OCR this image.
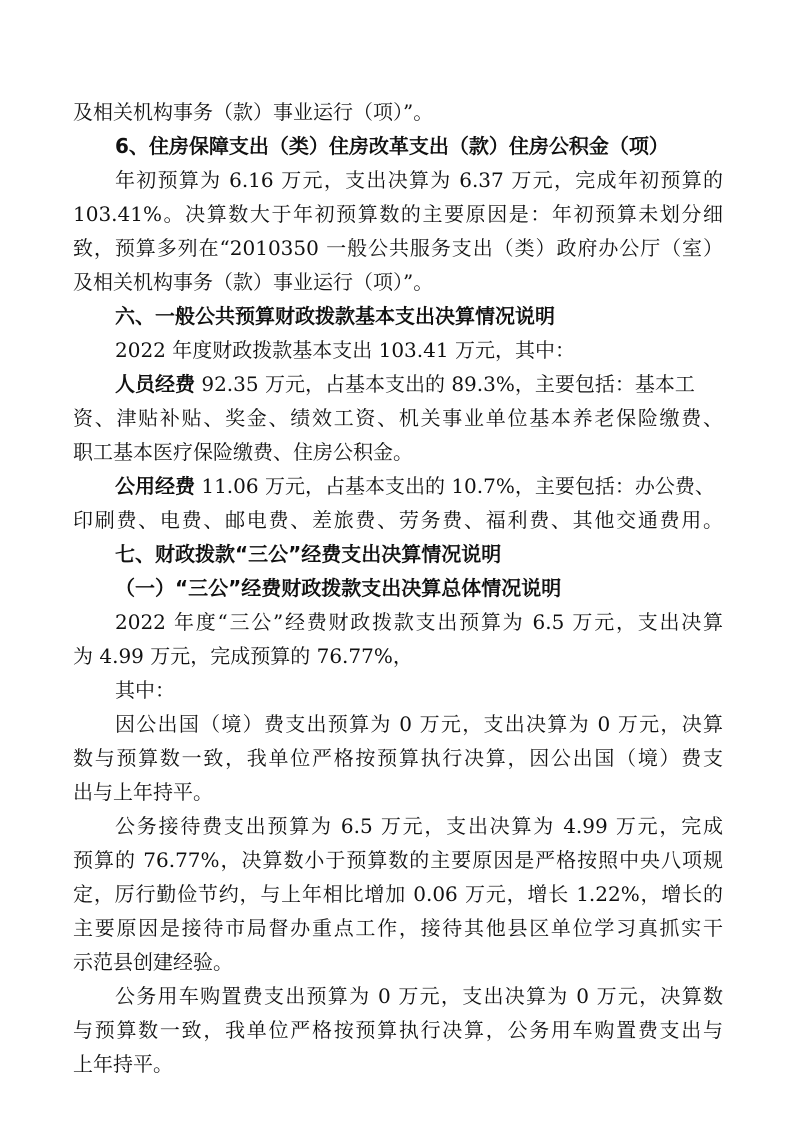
及相关机构事务（款）事业运行（项）”。
6、住房保障支出（类）住房改革支出（款）住房公积金（项）
年初预算为 6.16 万元，支出决算为 6.37 万元，完成年初预算的
103.41%。决算数大于年初预算数的主要原因是：年初预算未划分细
致，预算多列在“2010350 一般公共服务支出（类）政府办公厅（室）
及相关机构事务（款）事业运行（项）”。
六、一般公共预算财政拨款基本支出决算情况说明
2022 年度财政拨款基本支出 103.41 万元，其中：
人员经费 92.35 万元，占基本支出的 89.3%，主要包括：基本工
资、津贴补贴、奖金、绩效工资、机关事业单位基本养老保险缴费、
职工基本医疗保险缴费、住房公积金。
公用经费 11.06 万元，占基本支出的 10.7%，主要包括：办公费、
印刷费、电费、邮电费、差旅费、劳务费、福利费、其他交通费用。
七、财政拨款“三公”经费支出决算情况说明
（一）“三公”经费财政拨款支出决算总体情况说明
2022 年度“三公”经费财政拨款支出预算为 6.5 万元，支出决算
为 4.99 万元，完成预算的 76.77%，
其中：
因公出国（境）费支出预算为 0 万元，支出决算为 0 万元，决算
数与预算数一致，我单位严格按预算执行决算，因公出国（境）费支
出与上年持平。
公务接待费支出预算为 6.5 万元，支出决算为 4.99 万元，完成
预算的 76.77%，决算数小于预算数的主要原因是严格按照中央八项规
定，厉行勤俭节约，与上年相比增加 0.06 万元，增长 1.22%，增长的
主要原因是接待市局督办重点工作，接待其他县区单位学习真抓实干
示范县创建经验。
公务用车购置费支出预算为 0 万元，支出决算为 0 万元，决算数
与预算数一致，我单位严格按预算执行决算，公务用车购置费支出与
上年持平。
